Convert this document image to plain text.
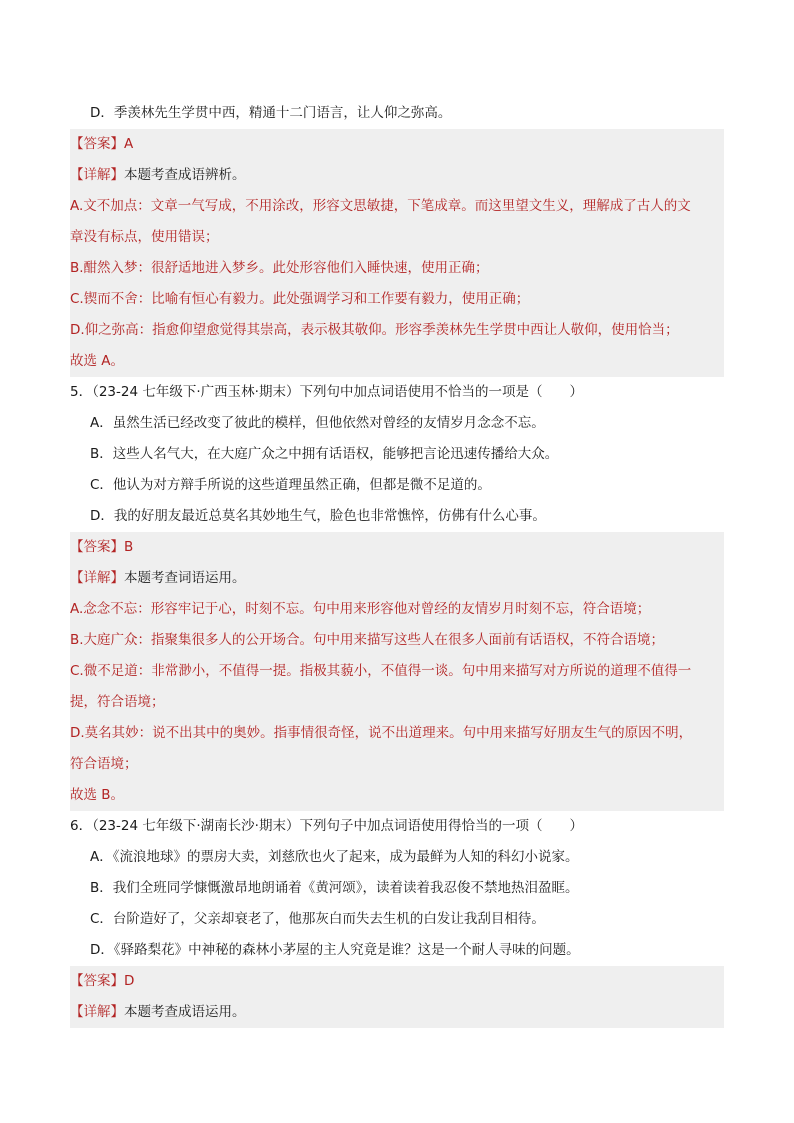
D．季羡林先生学贯中西，精通十二门语言，让人仰之弥高。
【答案】A
【详解】本题考查成语辨析。
A.文不加点：文章一气写成，不用涂改，形容文思敏捷，下笔成章。而这里望文生义，理解成了古人的文
章没有标点，使用错误；
B.酣然入梦：很舒适地进入梦乡。此处形容他们入睡快速，使用正确；
C.锲而不舍：比喻有恒心有毅力。此处强调学习和工作要有毅力，使用正确；
D.仰之弥高：指愈仰望愈觉得其崇高，表示极其敬仰。形容季羡林先生学贯中西让人敬仰，使用恰当；
故选 A。
5．（23-24 七年级下·广西玉林·期末）下列句中加点词语使用不恰当的一项是（　　）
A．虽然生活已经改变了彼此的模样，但他依然对曾经的友情岁月念念不忘。
B．这些人名气大，在大庭广众之中拥有话语权，能够把言论迅速传播给大众。
C．他认为对方辩手所说的这些道理虽然正确，但都是微不足道的。
D．我的好朋友最近总莫名其妙地生气，脸色也非常憔悴，仿佛有什么心事。
【答案】B
【详解】本题考查词语运用。
A.念念不忘：形容牢记于心，时刻不忘。句中用来形容他对曾经的友情岁月时刻不忘，符合语境；
B.大庭广众：指聚集很多人的公开场合。句中用来描写这些人在很多人面前有话语权，不符合语境；
C.微不足道：非常渺小，不值得一提。指极其藐小，不值得一谈。句中用来描写对方所说的道理不值得一
提，符合语境；
D.莫名其妙：说不出其中的奥妙。指事情很奇怪，说不出道理来。句中用来描写好朋友生气的原因不明，
符合语境；
故选 B。
6．（23-24 七年级下·湖南长沙·期末）下列句子中加点词语使用得恰当的一项（　　）
A．《流浪地球》的票房大卖，刘慈欣也火了起来，成为最鲜为人知的科幻小说家。
B．我们全班同学慷慨激昂地朗诵着《黄河颂》，读着读着我忍俊不禁地热泪盈眶。
C．台阶造好了，父亲却衰老了，他那灰白而失去生机的白发让我刮目相待。
D．《驿路梨花》中神秘的森林小茅屋的主人究竟是谁？这是一个耐人寻味的问题。
【答案】D
【详解】本题考查成语运用。
